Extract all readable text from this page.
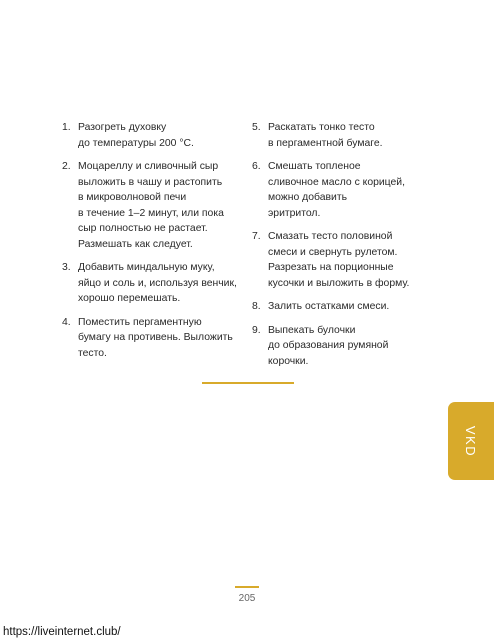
1. Разогреть духовку
до температуры 200 °С.
2. Моцареллу и сливочный сыр
выложить в чашу и растопить
в микроволновой печи
в течение 1–2 минут, или пока
сыр полностью не растает.
Размешать как следует.
3. Добавить миндальную муку,
яйцо и соль и, используя венчик,
хорошо перемешать.
4. Поместить пергаментную
бумагу на противень. Выложить
тесто.
5. Раскатать тонко тесто
в пергаментной бумаге.
6. Смешать топленое
сливочное масло с корицей,
можно добавить
эритритол.
7. Смазать тесто половиной
смеси и свернуть рулетом.
Разрезать на порционные
кусочки и выложить в форму.
8. Залить остатками смеси.
9. Выпекать булочки
до образования румяной
корочки.
VKD
205
https://liveinternet.club/
